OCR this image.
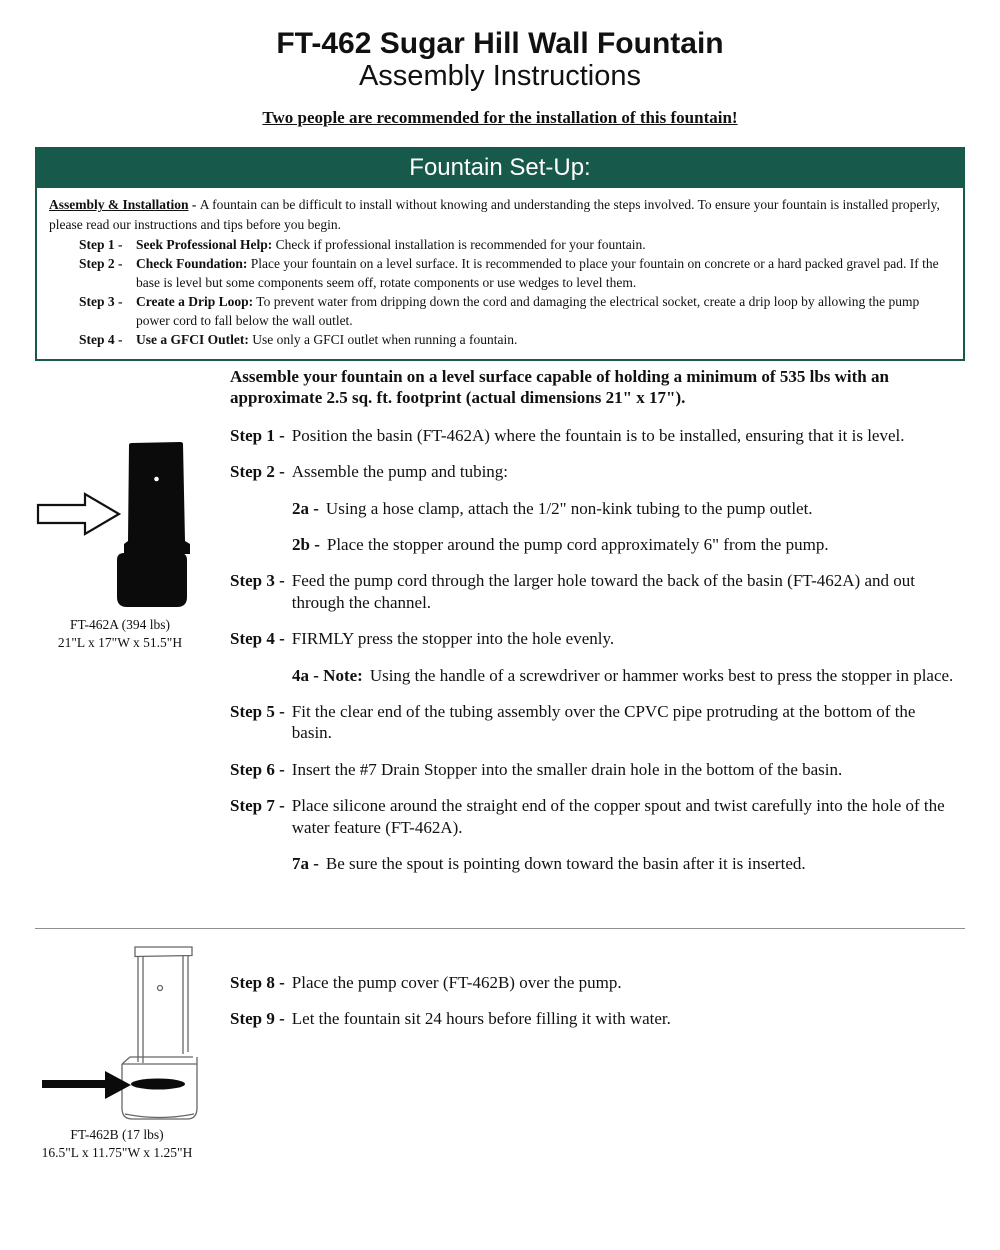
FT-462 Sugar Hill Wall Fountain
Assembly Instructions
Two people are recommended for the installation of this fountain!
Fountain Set-Up:
Assembly & Installation - A fountain can be difficult to install without knowing and understanding the steps involved. To ensure your fountain is installed properly, please read our instructions and tips before you begin.
Step 1 -	Seek Professional Help: Check if professional installation is recommended for your fountain.
Step 2 -	Check Foundation: Place your fountain on a level surface. It is recommended to place your fountain on concrete or a hard packed gravel pad. If the base is level but some components seem off, rotate components or use wedges to level them.
Step 3 -	Create a Drip Loop: To prevent water from dripping down the cord and damaging the electrical socket, create a drip loop by allowing the pump power cord to fall below the wall outlet.
Step 4 -	Use a GFCI Outlet: Use only a GFCI outlet when running a fountain.
FT-462A (394 lbs)
21"L x 17"W x 51.5"H
Assemble your fountain on a level surface capable of holding a minimum of 535 lbs with an approximate 2.5 sq. ft. footprint (actual dimensions 21" x 17").
Step 1 - Position the basin (FT-462A) where the fountain is to be installed, ensuring that it is level.
Step 2 - Assemble the pump and tubing:
2a - Using a hose clamp, attach the 1/2" non-kink tubing to the pump outlet.
2b - Place the stopper around the pump cord approximately 6" from the pump.
Step 3 - Feed the pump cord through the larger hole toward the back of the basin (FT-462A) and out through the channel.
Step 4 - FIRMLY press the stopper into the hole evenly.
4a - Note: Using the handle of a screwdriver or hammer works best to press the stopper in place.
Step 5 - Fit the clear end of the tubing assembly over the CPVC pipe protruding at the bottom of the basin.
Step 6 - Insert the #7 Drain Stopper into the smaller drain hole in the bottom of the basin.
Step 7 - Place silicone around the straight end of the copper spout and twist carefully into the hole of the water feature (FT-462A).
7a - Be sure the spout is pointing down toward the basin after it is inserted.
FT-462B (17 lbs)
16.5"L x 11.75"W x 1.25"H
Step 8 - Place the pump cover (FT-462B) over the pump.
Step 9 - Let the fountain sit 24 hours before filling it with water.
